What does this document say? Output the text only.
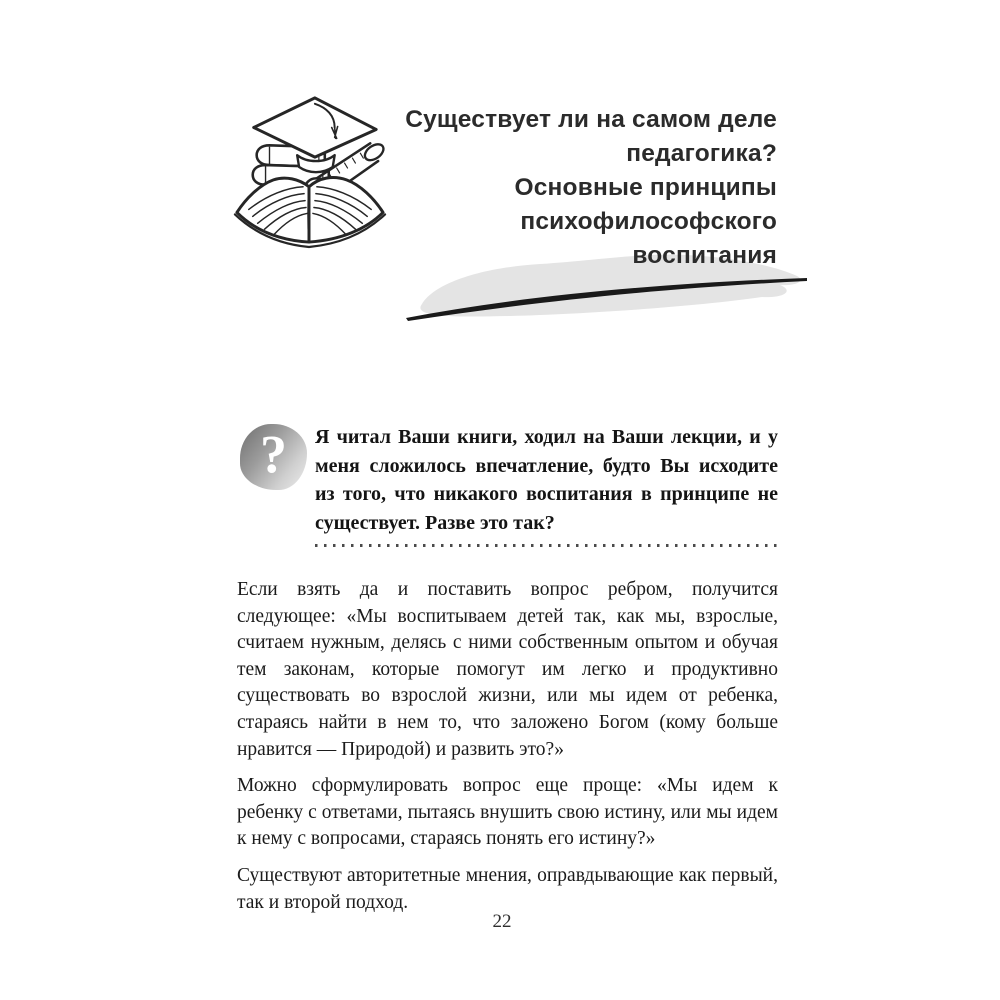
Существует ли на самом деле
педагогика?
Основные принципы
психофилософского
воспитания
?	Я читал Ваши книги, ходил на Ваши лекции, и у меня сложилось впечатление, будто Вы исходите из того, что никакого воспитания в принципе не существует. Разве это так?

Если взять да и поставить вопрос ребром, получится следующее: «Мы воспитываем детей так, как мы, взрослые, считаем нужным, делясь с ними собственным опытом и обучая тем законам, которые помогут им легко и продуктивно существовать во взрослой жизни, или мы идем от ребенка, стараясь найти в нем то, что заложено Богом (кому больше нравится — Природой) и развить это?»

Можно сформулировать вопрос еще проще: «Мы идем к ребенку с ответами, пытаясь внушить свою истину, или мы идем к нему с вопросами, стараясь понять его истину?»

Существуют авторитетные мнения, оправдывающие как первый, так и второй подход.

22
